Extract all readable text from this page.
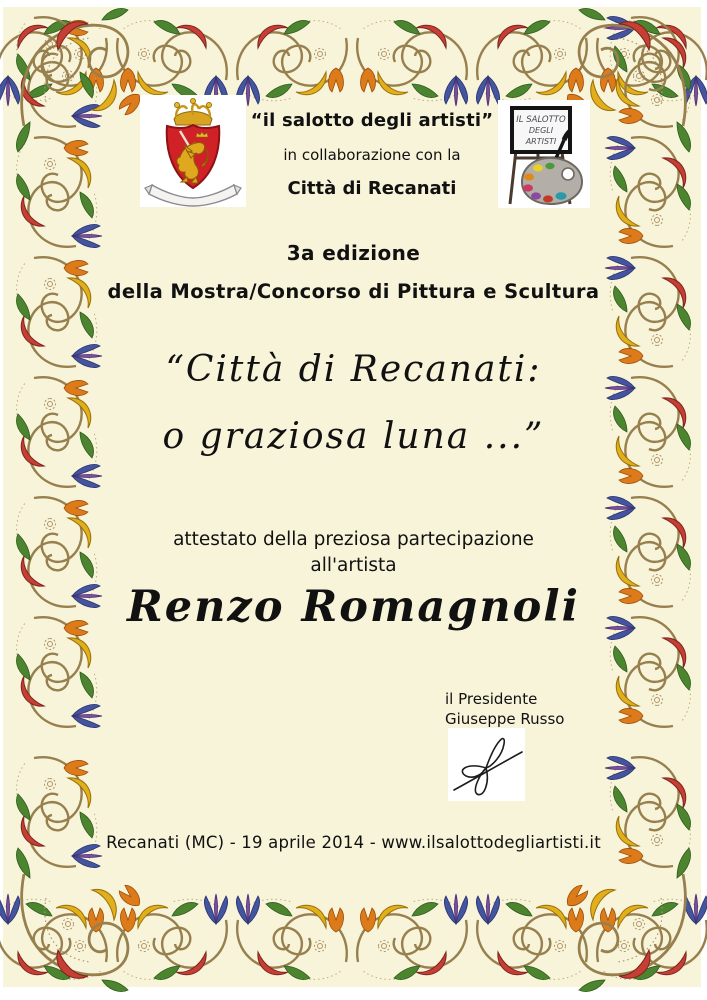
“il salotto degli artisti”
in collaborazione con la
Città di Recanati
IL SALOTTO
DEGLI
ARTISTI
3a edizione
della Mostra/Concorso di Pittura e Scultura
“Città di Recanati:
o graziosa luna ...”
attestato della preziosa partecipazione
all'artista
Renzo Romagnoli
il Presidente
Giuseppe Russo
Recanati (MC) - 19 aprile 2014 - www.ilsalottodegliartisti.it
